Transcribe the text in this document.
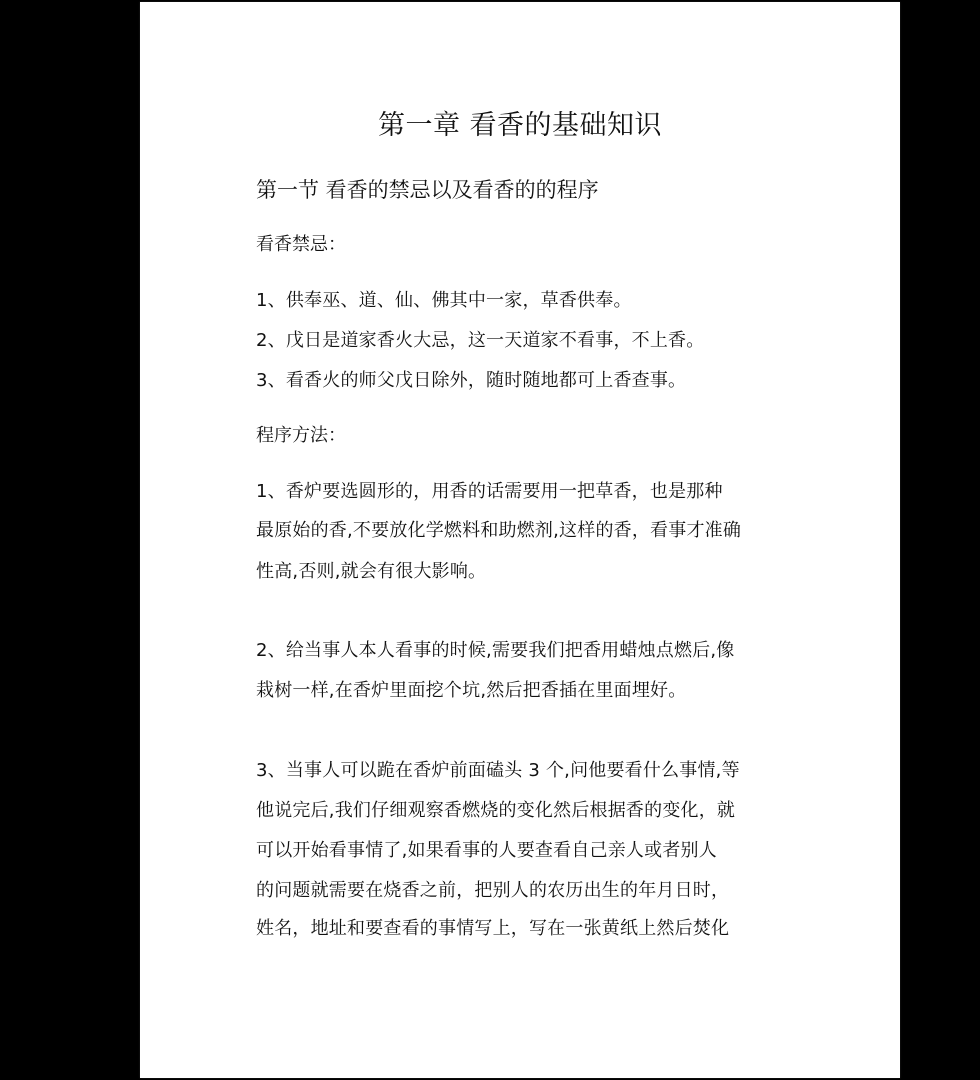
第一章 看香的基础知识
第一节 看香的禁忌以及看香的的程序

看香禁忌：

1、供奉巫、道、仙、佛其中一家，草香供奉。

2、戊日是道家香火大忌，这一天道家不看事，不上香。

3、看香火的师父戊日除外，随时随地都可上香查事。

程序方法：

1、香炉要选圆形的，用香的话需要用一把草香，也是那种

最原始的香,不要放化学燃料和助燃剂,这样的香，看事才准确

性高,否则,就会有很大影响。

2、给当事人本人看事的时候,需要我们把香用蜡烛点燃后,像

栽树一样,在香炉里面挖个坑,然后把香插在里面埋好。

3、当事人可以跪在香炉前面磕头 3 个,问他要看什么事情,等

他说完后,我们仔细观察香燃烧的变化然后根据香的变化，就

可以开始看事情了,如果看事的人要查看自己亲人或者别人

的问题就需要在烧香之前，把别人的农历出生的年月日时，

姓名，地址和要查看的事情写上，写在一张黄纸上然后焚化
